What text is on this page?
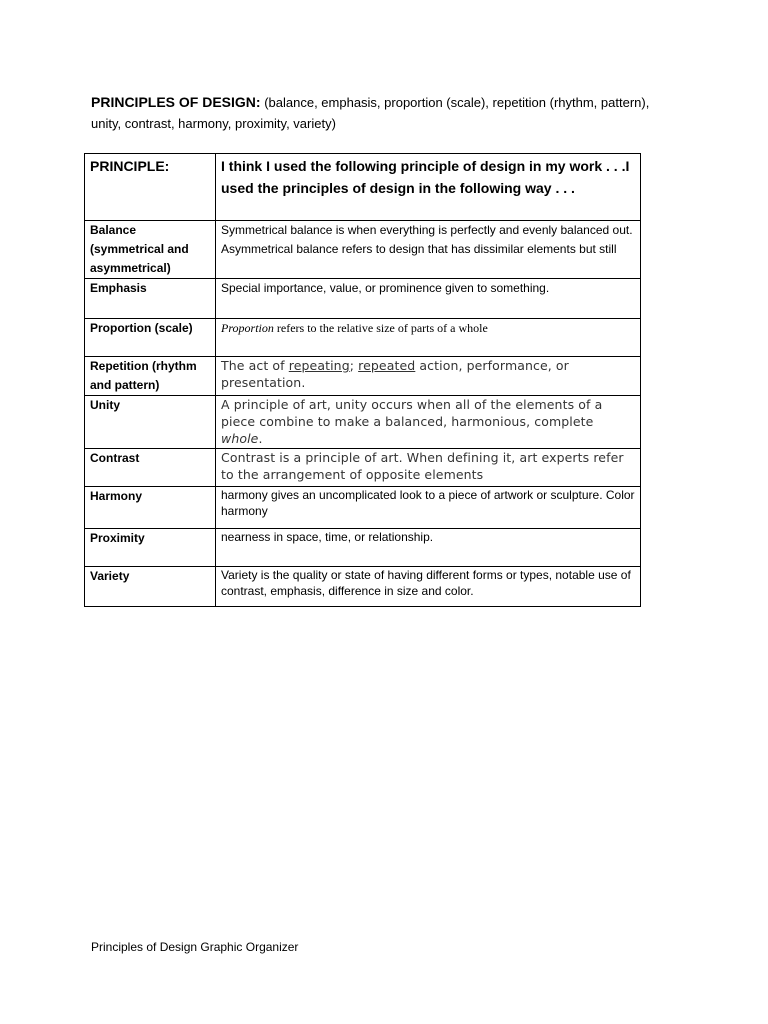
PRINCIPLES OF DESIGN: (balance, emphasis, proportion (scale), repetition (rhythm, pattern), unity, contrast, harmony, proximity, variety)
PRINCIPLE:	I think I used the following principle of design in my work . . .I used the principles of design in the following way . . .
Balance (symmetrical and asymmetrical)	Symmetrical balance is when everything is perfectly and evenly balanced out. Asymmetrical balance refers to design that has dissimilar elements but still
Emphasis	Special importance, value, or prominence given to something.
Proportion (scale)	Proportion refers to the relative size of parts of a whole
Repetition (rhythm and pattern)	The act of repeating; repeated action, performance, or presentation.
Unity	A principle of art, unity occurs when all of the elements of a piece combine to make a balanced, harmonious, complete whole.
Contrast	Contrast is a principle of art. When defining it, art experts refer to the arrangement of opposite elements
Harmony	harmony gives an uncomplicated look to a piece of artwork or sculpture. Color harmony
Proximity	nearness in space, time, or relationship.
Variety	Variety is the quality or state of having different forms or types, notable use of contrast, emphasis, difference in size and color.
Principles of Design Graphic Organizer
